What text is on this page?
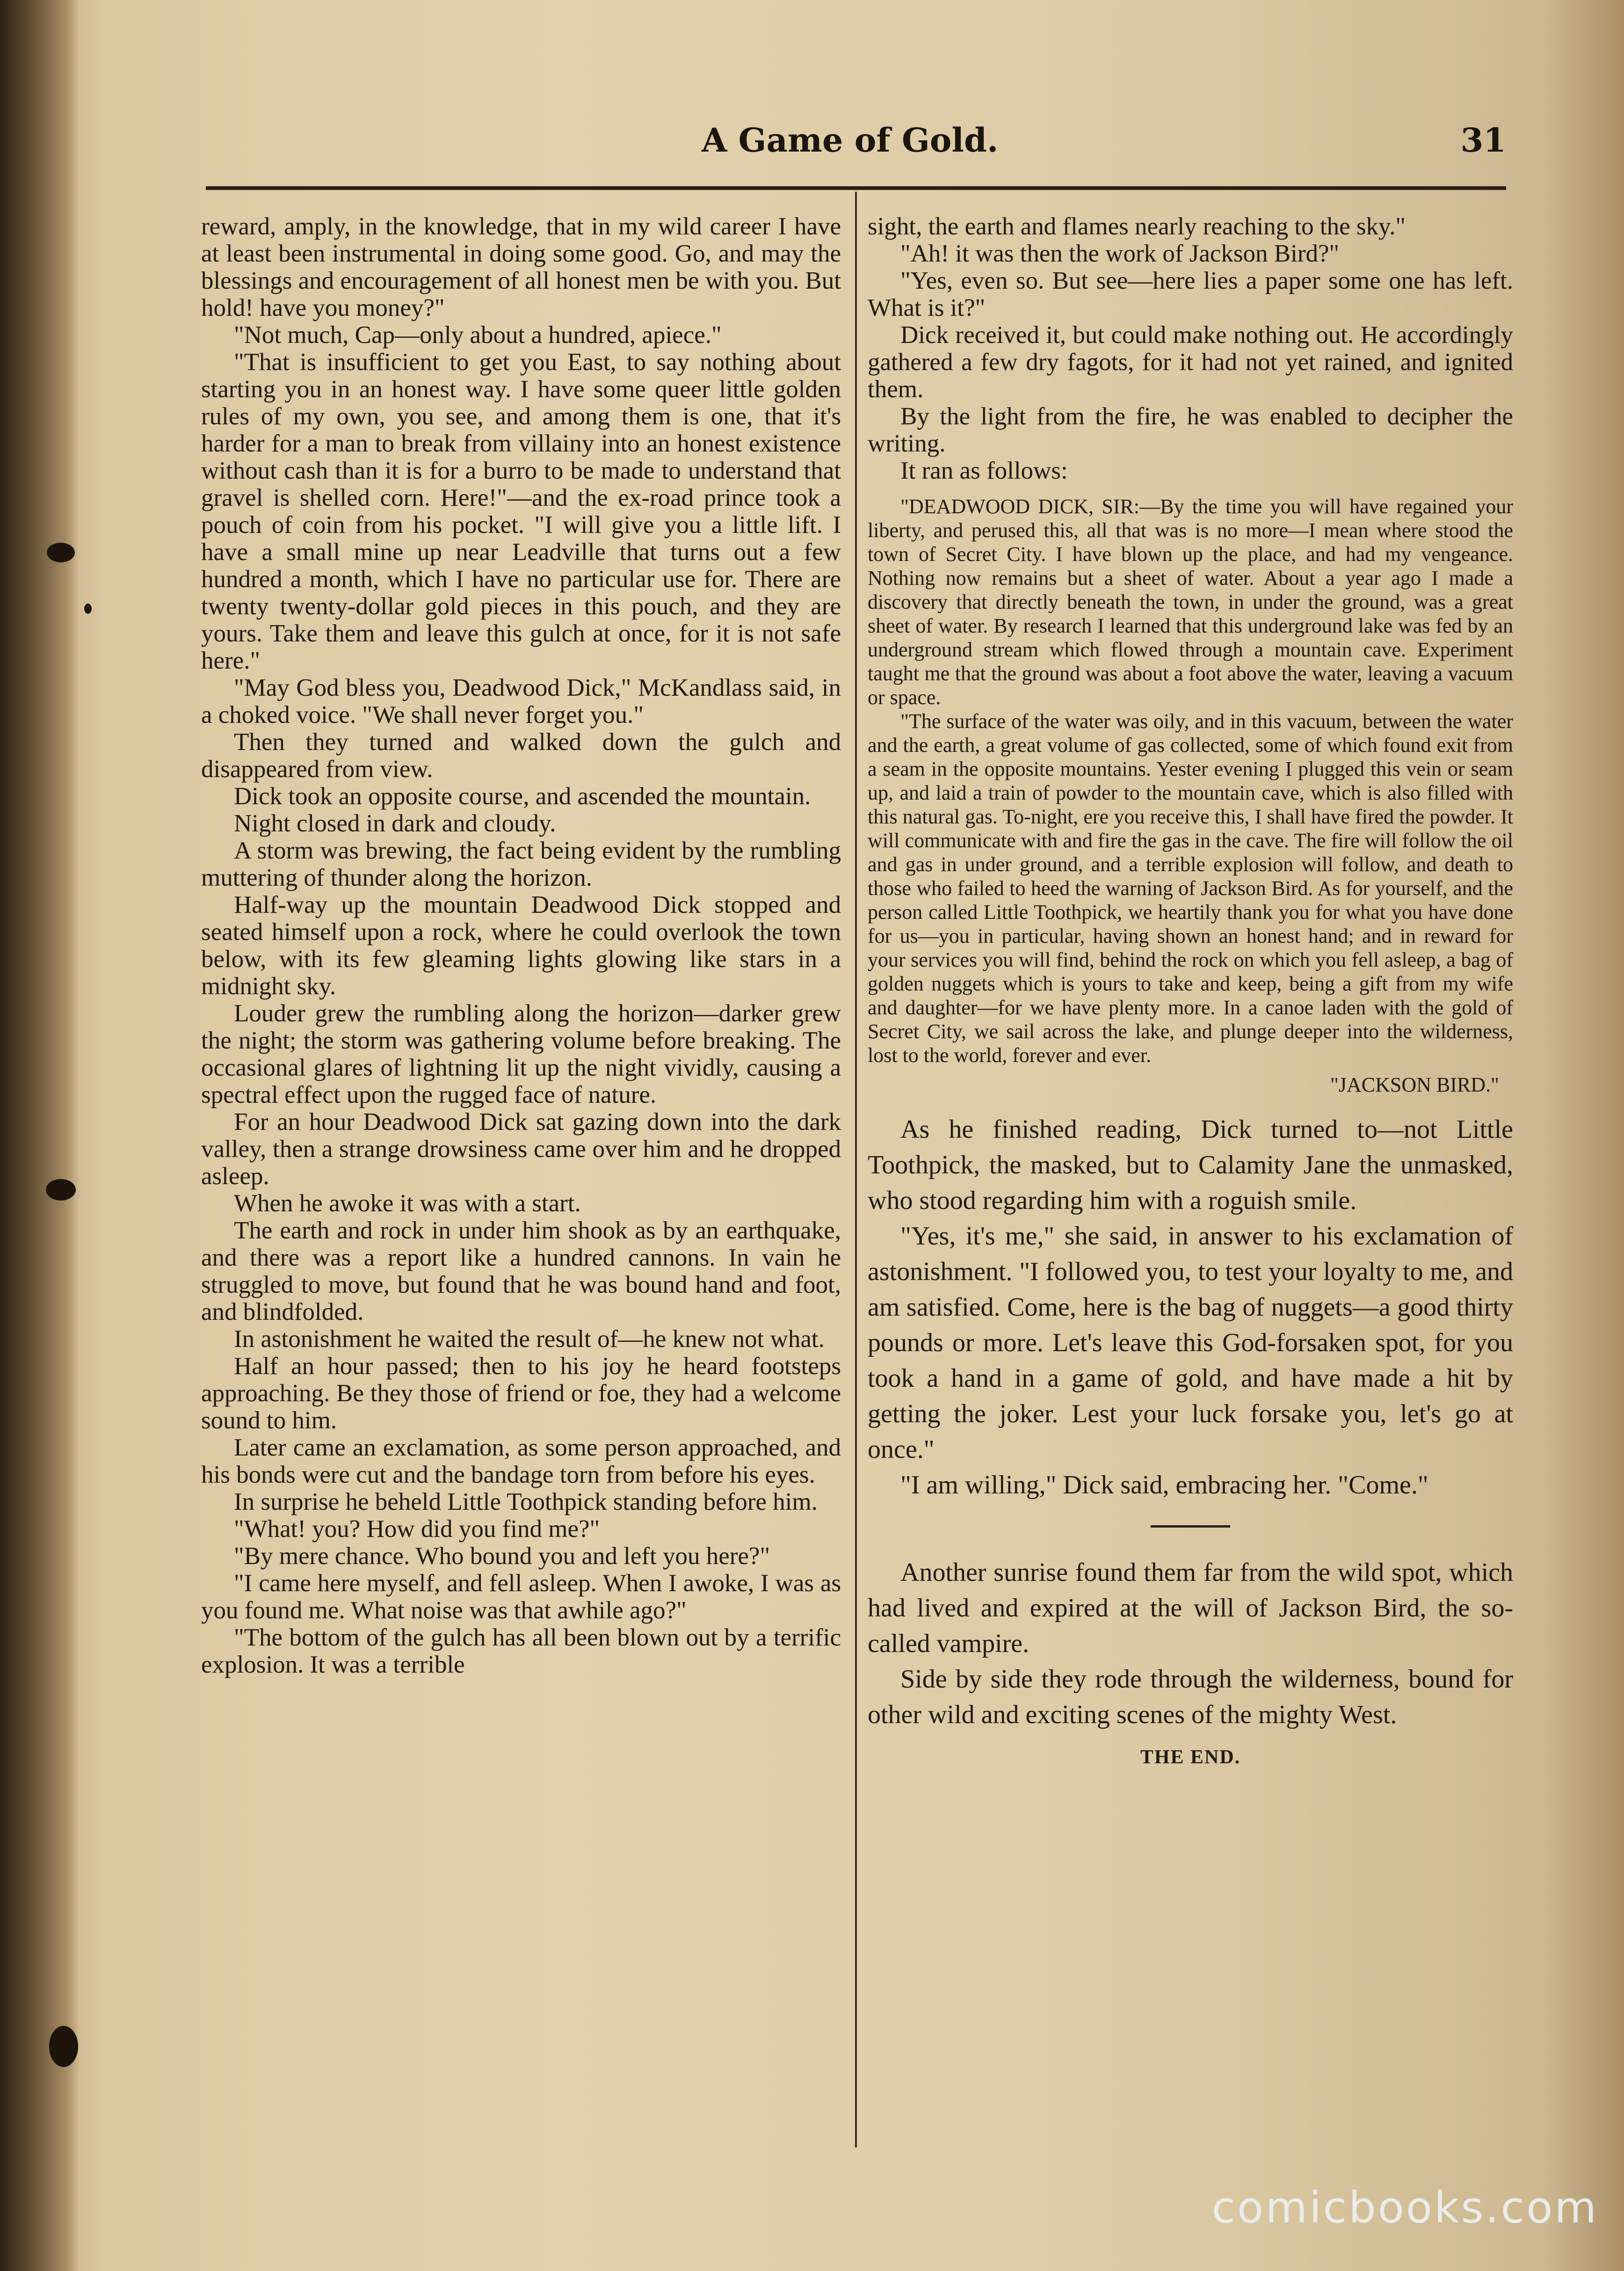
A Game of Gold.	31

reward, amply, in the knowledge, that in my wild career I have at least been instrumental in doing some good. Go, and may the blessings and encouragement of all honest men be with you. But hold! have you money?"

"Not much, Cap—only about a hundred, apiece."

"That is insufficient to get you East, to say nothing about starting you in an honest way. I have some queer little golden rules of my own, you see, and among them is one, that it's harder for a man to break from villainy into an honest existence without cash than it is for a burro to be made to understand that gravel is shelled corn. Here!"—and the ex-road prince took a pouch of coin from his pocket. "I will give you a little lift. I have a small mine up near Leadville that turns out a few hundred a month, which I have no particular use for. There are twenty twenty-dollar gold pieces in this pouch, and they are yours. Take them and leave this gulch at once, for it is not safe here."

"May God bless you, Deadwood Dick," McKandlass said, in a choked voice. "We shall never forget you."

Then they turned and walked down the gulch and disappeared from view.

Dick took an opposite course, and ascended the mountain.

Night closed in dark and cloudy.

A storm was brewing, the fact being evident by the rumbling muttering of thunder along the horizon.

Half-way up the mountain Deadwood Dick stopped and seated himself upon a rock, where he could overlook the town below, with its few gleaming lights glowing like stars in a midnight sky.

Louder grew the rumbling along the horizon—darker grew the night; the storm was gathering volume before breaking. The occasional glares of lightning lit up the night vividly, causing a spectral effect upon the rugged face of nature.

For an hour Deadwood Dick sat gazing down into the dark valley, then a strange drowsiness came over him and he dropped asleep.

When he awoke it was with a start.

The earth and rock in under him shook as by an earthquake, and there was a report like a hundred cannons. In vain he struggled to move, but found that he was bound hand and foot, and blindfolded.

In astonishment he waited the result of—he knew not what.

Half an hour passed; then to his joy he heard footsteps approaching. Be they those of friend or foe, they had a welcome sound to him.

Later came an exclamation, as some person approached, and his bonds were cut and the bandage torn from before his eyes.

In surprise he beheld Little Toothpick standing before him.

"What! you? How did you find me?"

"By mere chance. Who bound you and left you here?"

"I came here myself, and fell asleep. When I awoke, I was as you found me. What noise was that awhile ago?"

"The bottom of the gulch has all been blown out by a terrific explosion. It was a terrible

sight, the earth and flames nearly reaching to the sky."

"Ah! it was then the work of Jackson Bird?"

"Yes, even so. But see—here lies a paper some one has left. What is it?"

Dick received it, but could make nothing out. He accordingly gathered a few dry fagots, for it had not yet rained, and ignited them.

By the light from the fire, he was enabled to decipher the writing.

It ran as follows:

"DEADWOOD DICK, SIR:—By the time you will have regained your liberty, and perused this, all that was is no more—I mean where stood the town of Secret City. I have blown up the place, and had my vengeance. Nothing now remains but a sheet of water. About a year ago I made a discovery that directly beneath the town, in under the ground, was a great sheet of water. By research I learned that this underground lake was fed by an underground stream which flowed through a mountain cave. Experiment taught me that the ground was about a foot above the water, leaving a vacuum or space.

"The surface of the water was oily, and in this vacuum, between the water and the earth, a great volume of gas collected, some of which found exit from a seam in the opposite mountains. Yester evening I plugged this vein or seam up, and laid a train of powder to the mountain cave, which is also filled with this natural gas. To-night, ere you receive this, I shall have fired the powder. It will communicate with and fire the gas in the cave. The fire will follow the oil and gas in under ground, and a terrible explosion will follow, and death to those who failed to heed the warning of Jackson Bird. As for yourself, and the person called Little Toothpick, we heartily thank you for what you have done for us—you in particular, having shown an honest hand; and in reward for your services you will find, behind the rock on which you fell asleep, a bag of golden nuggets which is yours to take and keep, being a gift from my wife and daughter—for we have plenty more. In a canoe laden with the gold of Secret City, we sail across the lake, and plunge deeper into the wilderness, lost to the world, forever and ever.

"JACKSON BIRD."

As he finished reading, Dick turned to—not Little Toothpick, the masked, but to Calamity Jane the unmasked, who stood regarding him with a roguish smile.

"Yes, it's me," she said, in answer to his exclamation of astonishment. "I followed you, to test your loyalty to me, and am satisfied. Come, here is the bag of nuggets—a good thirty pounds or more. Let's leave this God-forsaken spot, for you took a hand in a game of gold, and have made a hit by getting the joker. Lest your luck forsake you, let's go at once."

"I am willing," Dick said, embracing her. "Come."

Another sunrise found them far from the wild spot, which had lived and expired at the will of Jackson Bird, the so-called vampire.

Side by side they rode through the wilderness, bound for other wild and exciting scenes of the mighty West.

THE END.
comicbooks.com
